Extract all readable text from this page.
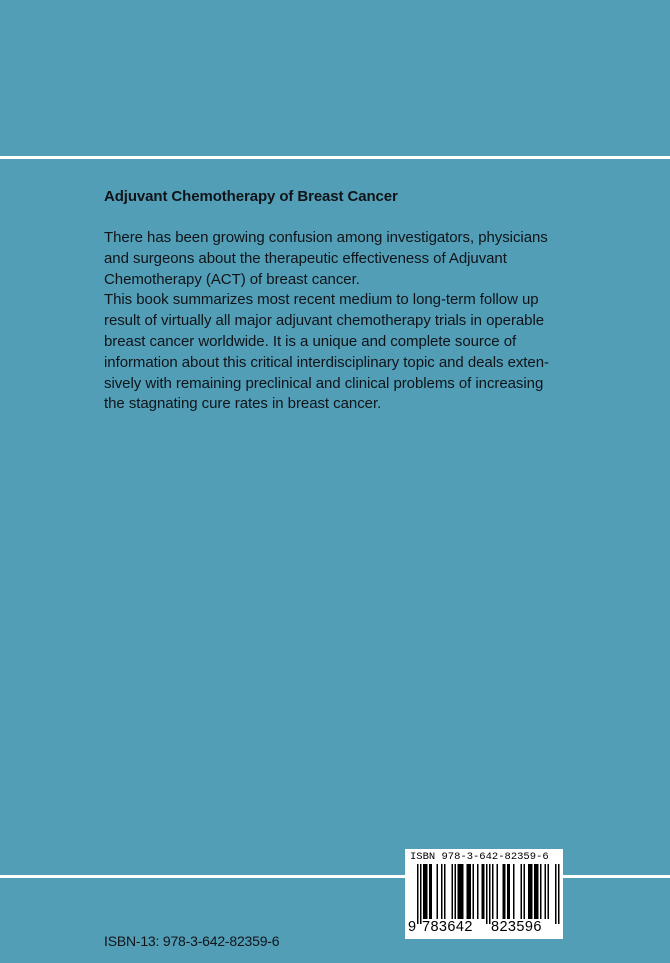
Adjuvant Chemotherapy of Breast Cancer

There has been growing confusion among investigators, physicians

and surgeons about the therapeutic effectiveness of Adjuvant

Chemotherapy (ACT) of breast cancer.

This book summarizes most recent medium to long-term follow up

result of virtually all major adjuvant chemotherapy trials in operable

breast cancer worldwide. It is a unique and complete source of

information about this critical interdisciplinary topic and deals exten-

sively with remaining preclinical and clinical problems of increasing

the stagnating cure rates in breast cancer.

ISBN 978-3-642-82359-6
9 783642 823596
ISBN-13: 978-3-642-82359-6
